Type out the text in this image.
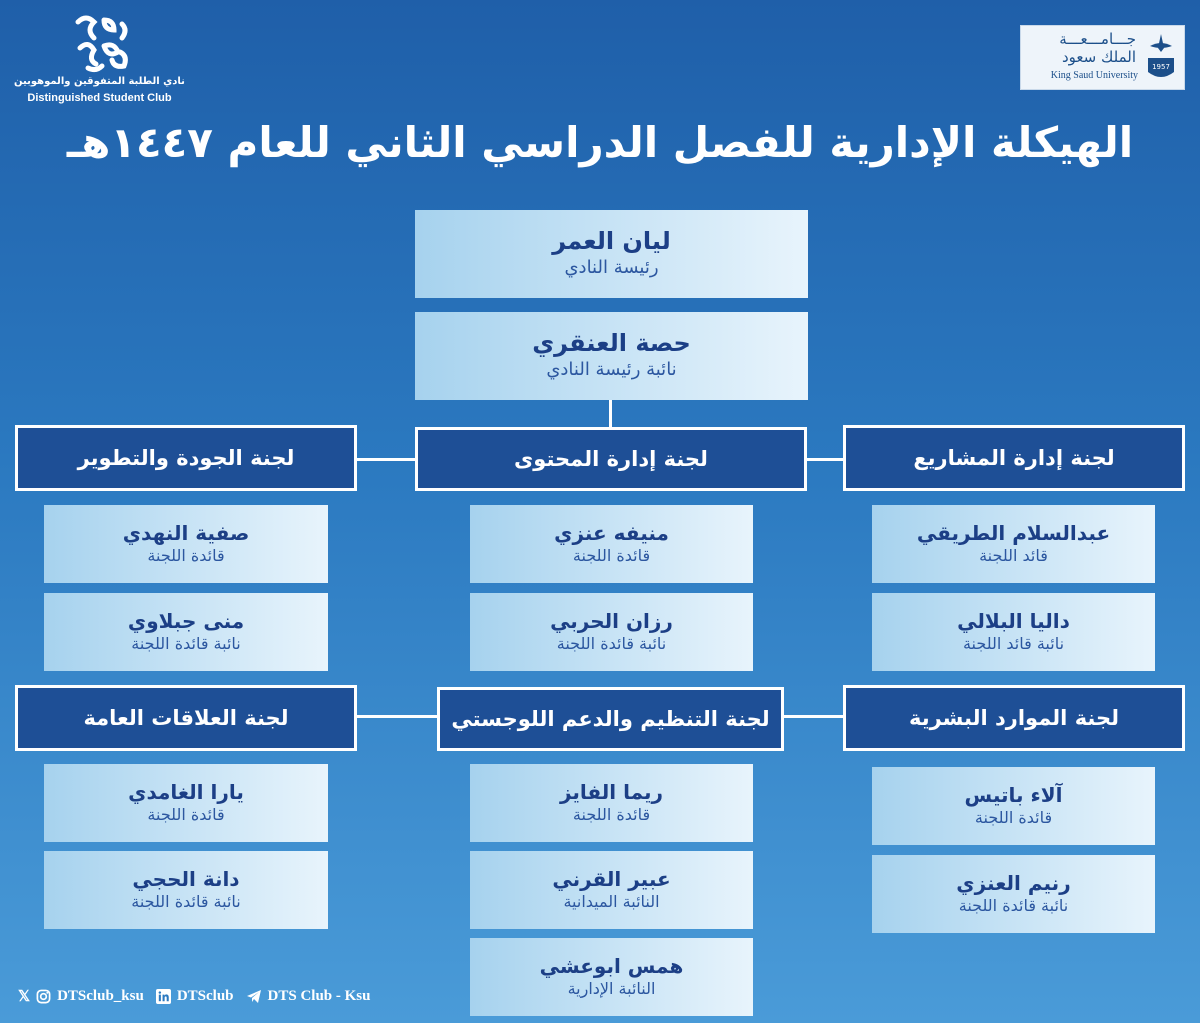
نادي الطلبة المتفوقين والموهوبين
Distinguished Student Club
جـــامـــعـــة
الملك سعود
King Saud University
1957
الهيكلة الإدارية للفصل الدراسي الثاني للعام ١٤٤٧هـ
ليان العمر
رئيسة النادي
حصة العنقري
نائبة رئيسة النادي
لجنة إدارة المشاريع
لجنة إدارة المحتوى
لجنة الجودة والتطوير
عبدالسلام الطريقي
قائد اللجنة
داليا البلالي
نائبة قائد اللجنة
منيفه عنزي
قائدة اللجنة
رزان الحربي
نائبة قائدة اللجنة
صفية النهدي
قائدة اللجنة
منى جبلاوي
نائبة قائدة اللجنة
لجنة الموارد البشرية
لجنة التنظيم والدعم اللوجستي
لجنة العلاقات العامة
آلاء باتيس
قائدة اللجنة
رنيم العنزي
نائبة قائدة اللجنة
ريما الفايز
قائدة اللجنة
عبير القرني
النائبة الميدانية
همس ابوعشي
النائبة الإدارية
يارا الغامدي
قائدة اللجنة
دانة الحجي
نائبة قائدة اللجنة
𝕏 DTSclub_ksu DTSclub DTS Club - Ksu
